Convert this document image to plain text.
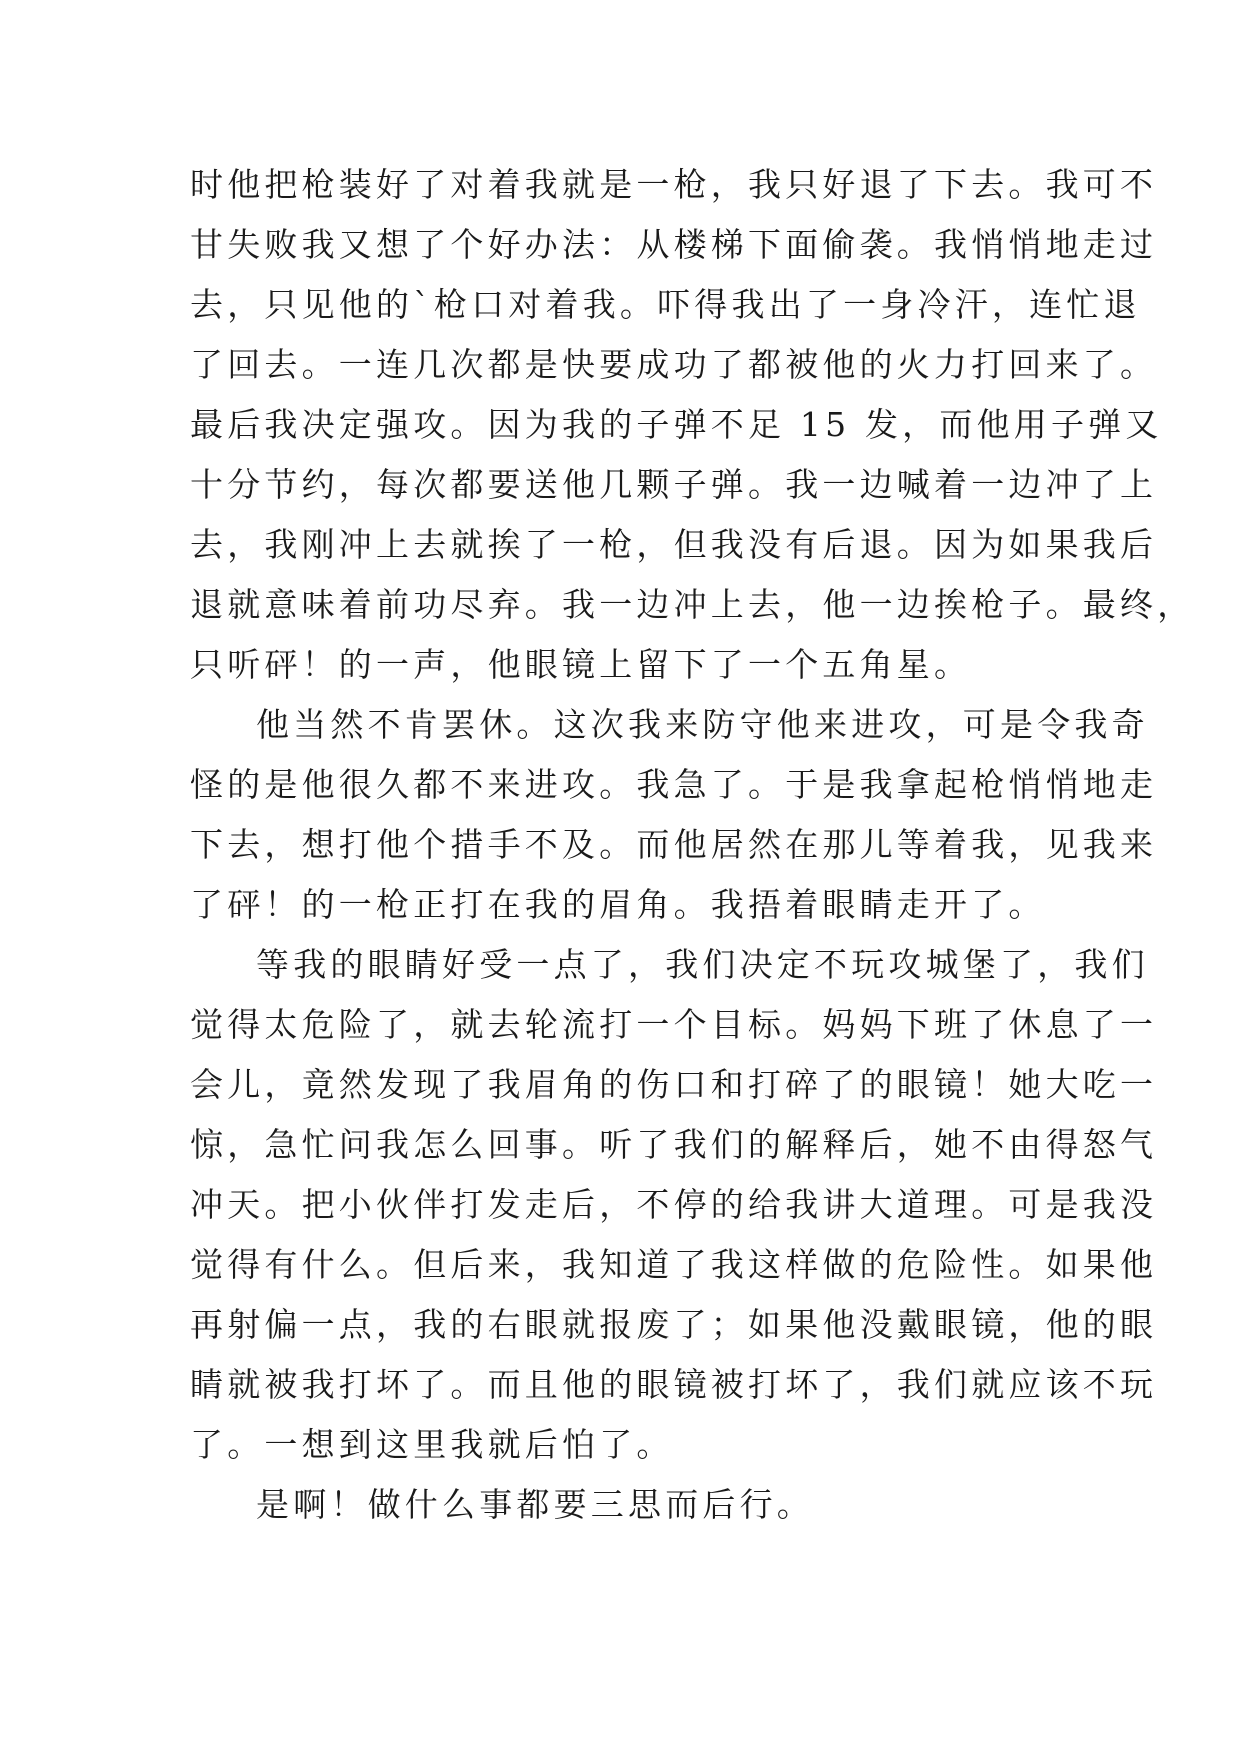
时他把枪装好了对着我就是一枪，我只好退了下去。我可不
甘失败我又想了个好办法：从楼梯下面偷袭。我悄悄地走过
去，只见他的`枪口对着我。吓得我出了一身冷汗，连忙退
了回去。一连几次都是快要成功了都被他的火力打回来了。
最后我决定强攻。因为我的子弹不足 15 发，而他用子弹又
十分节约，每次都要送他几颗子弹。我一边喊着一边冲了上
去，我刚冲上去就挨了一枪，但我没有后退。因为如果我后
退就意味着前功尽弃。我一边冲上去，他一边挨枪子。最终，
只听砰！的一声，他眼镜上留下了一个五角星。
他当然不肯罢休。这次我来防守他来进攻，可是令我奇
怪的是他很久都不来进攻。我急了。于是我拿起枪悄悄地走
下去，想打他个措手不及。而他居然在那儿等着我，见我来
了砰！的一枪正打在我的眉角。我捂着眼睛走开了。
等我的眼睛好受一点了，我们决定不玩攻城堡了，我们
觉得太危险了，就去轮流打一个目标。妈妈下班了休息了一
会儿，竟然发现了我眉角的伤口和打碎了的眼镜！她大吃一
惊，急忙问我怎么回事。听了我们的解释后，她不由得怒气
冲天。把小伙伴打发走后，不停的给我讲大道理。可是我没
觉得有什么。但后来，我知道了我这样做的危险性。如果他
再射偏一点，我的右眼就报废了；如果他没戴眼镜，他的眼
睛就被我打坏了。而且他的眼镜被打坏了，我们就应该不玩
了。一想到这里我就后怕了。
是啊！做什么事都要三思而后行。
